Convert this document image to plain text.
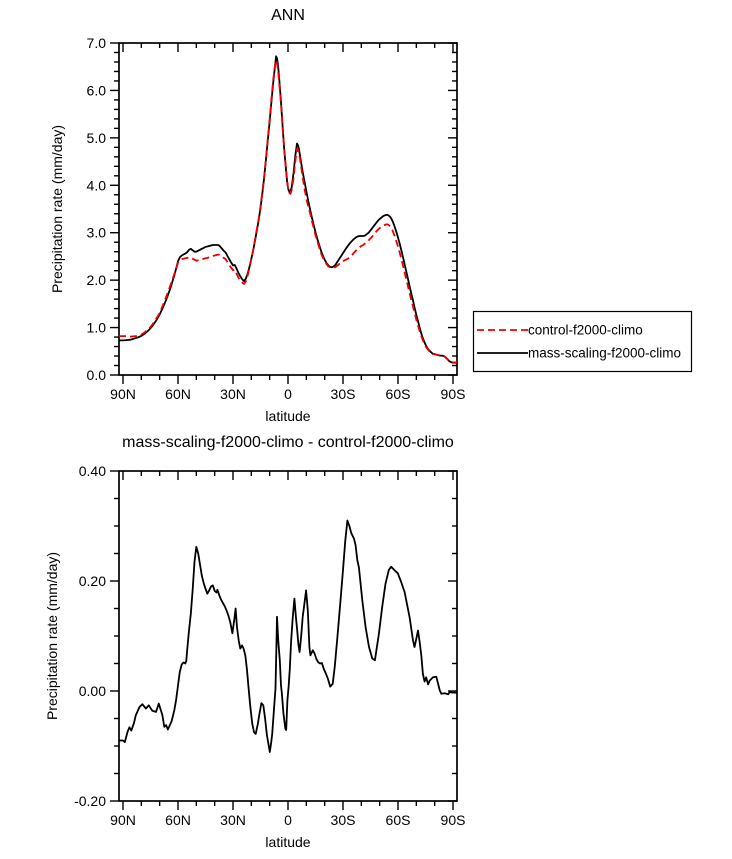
ANN
Precipitation rate (mm/day)
latitude
90N 60N 30N	0	30S 60S 90S
0.0
1.0
2.0
3.0
4.0
5.0
6.0
7.0
control-f2000-climo
mass-scaling-f2000-climo
mass-scaling-f2000-climo - control-f2000-climo
Precipitation rate (mm/day)
latitude
90N 60N 30N	0	30S 60S 90S
-0.20
0.00
0.20
0.40
